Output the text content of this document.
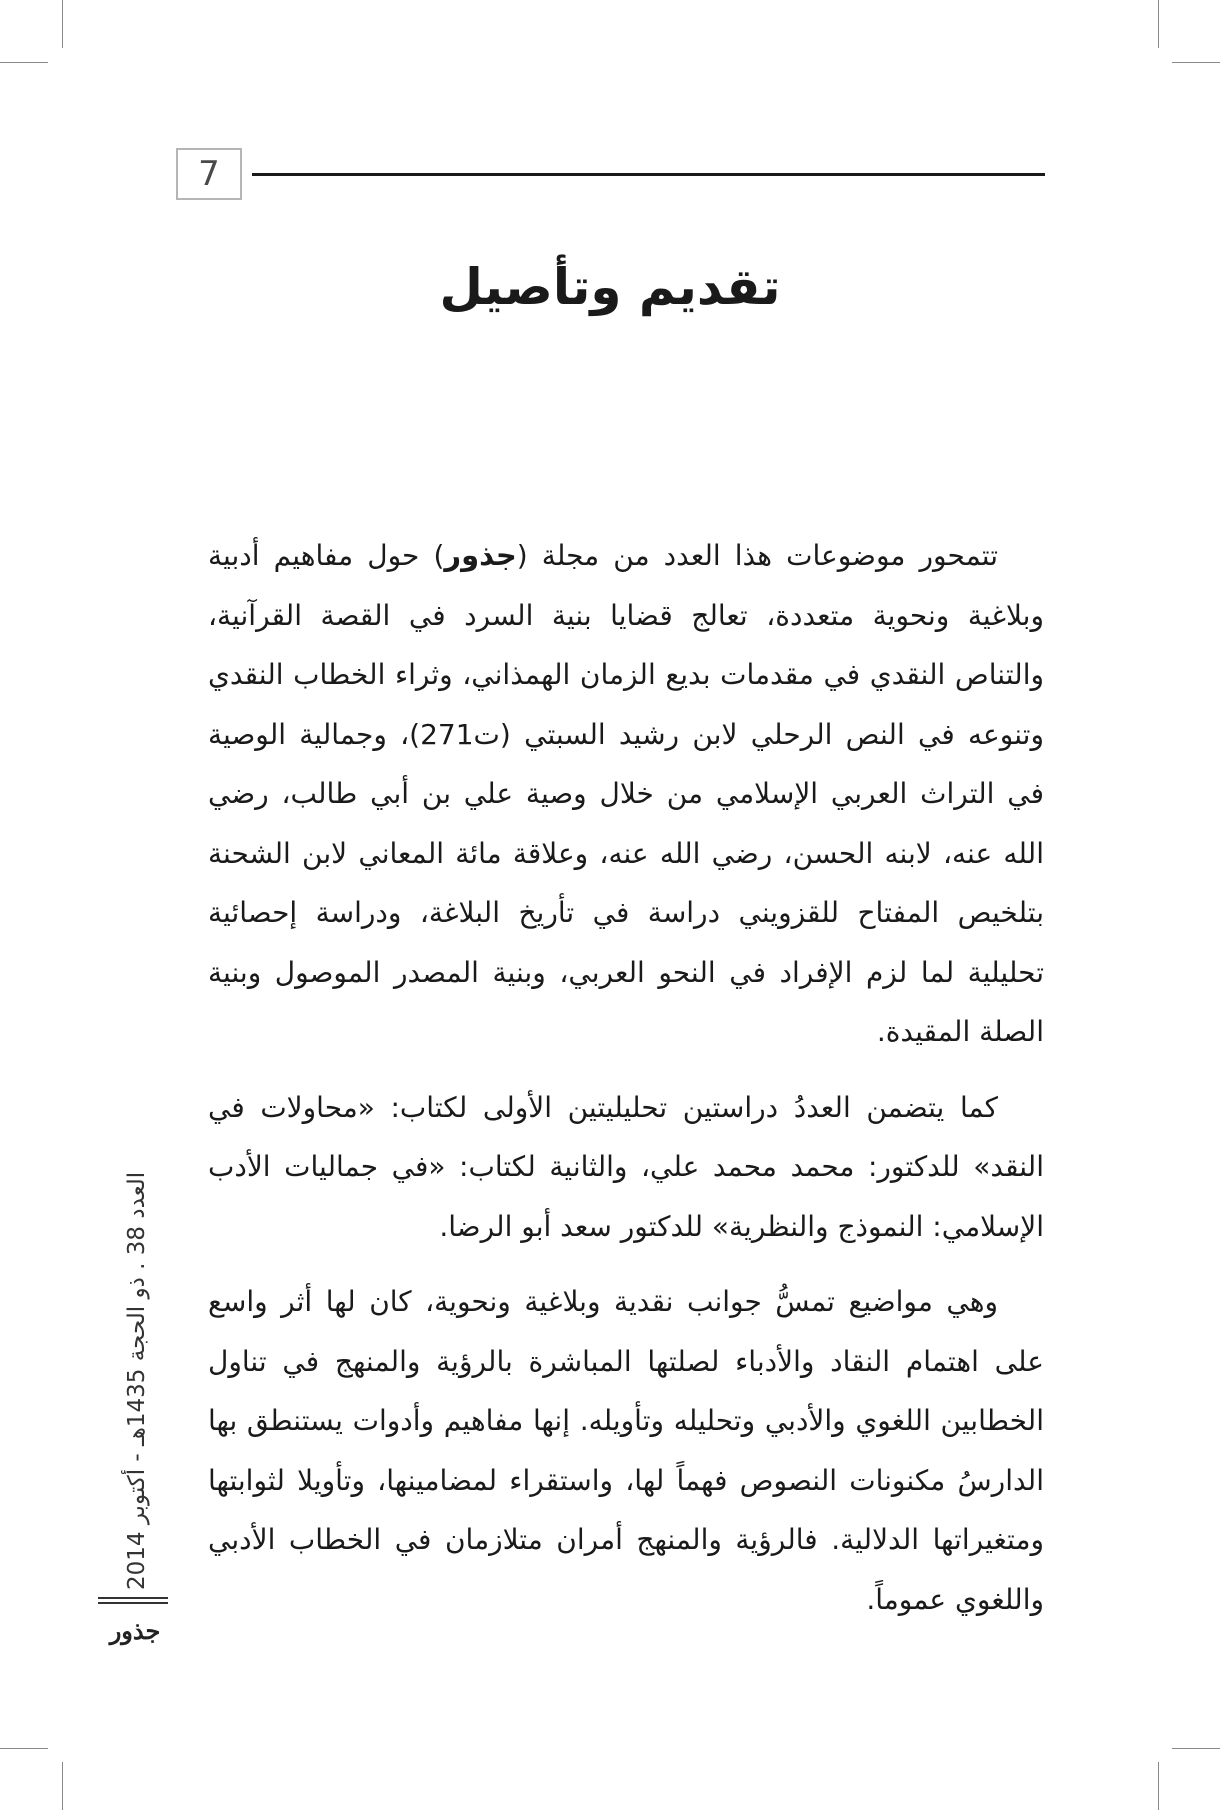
7
تقديم وتأصيل

تتمحور موضوعات هذا العدد من مجلة (جذور) حول مفاهيم أدبية وبلاغية ونحوية متعددة، تعالج قضايا بنية السرد في القصة القرآنية، والتناص النقدي في مقدمات بديع الزمان الهمذاني، وثراء الخطاب النقدي وتنوعه في النص الرحلي لابن رشيد السبتي (ت271)، وجمالية الوصية في التراث العربي الإسلامي من خلال وصية علي بن أبي طالب، رضي الله عنه، لابنه الحسن، رضي الله عنه، وعلاقة مائة المعاني لابن الشحنة بتلخيص المفتاح للقزويني دراسة في تأريخ البلاغة، ودراسة إحصائية تحليلية لما لزم الإفراد في النحو العربي، وبنية المصدر الموصول وبنية الصلة المقيدة.

كما يتضمن العددُ دراستين تحليليتين الأولى لكتاب: «محاولات في النقد» للدكتور: محمد محمد علي، والثانية لكتاب: «في جماليات الأدب الإسلامي: النموذج والنظرية» للدكتور سعد أبو الرضا.

وهي مواضيع تمسُّ جوانب نقدية وبلاغية ونحوية، كان لها أثر واسع على اهتمام النقاد والأدباء لصلتها المباشرة بالرؤية والمنهج في تناول الخطابين اللغوي والأدبي وتحليله وتأويله. إنها مفاهيم وأدوات يستنطق بها الدارسُ مكنونات النصوص فهماً لها، واستقراء لمضامينها، وتأويلا لثوابتها ومتغيراتها الدلالية. فالرؤية والمنهج أمران متلازمان في الخطاب الأدبي واللغوي عموماً.

العدد 38 . ذو الحجة 1435هـ - أكتوبر 2014
جذور
